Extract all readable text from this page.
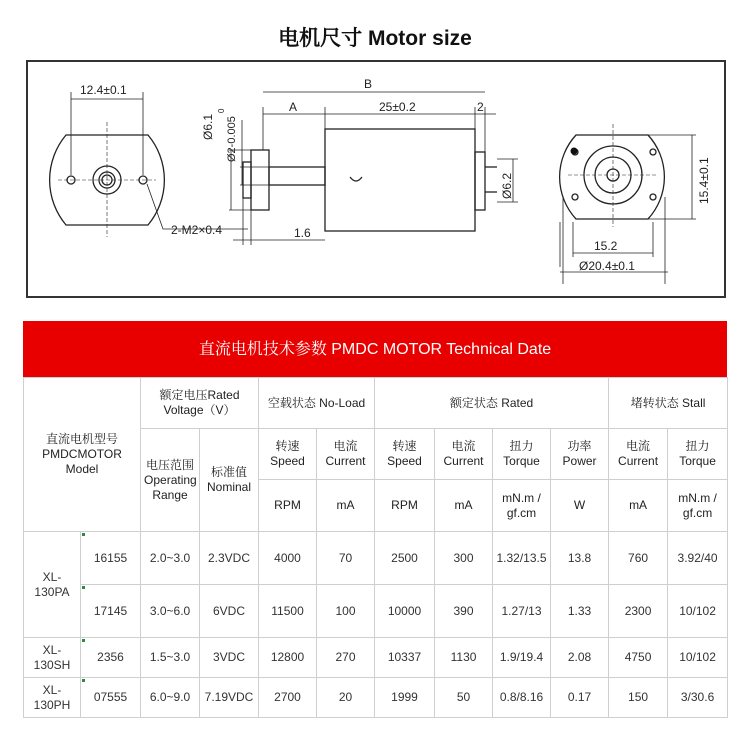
电机尺寸 Motor size
12.4±0.1
2-M2×0.4
B
A	25±0.2	2
1.6
Ø6.1 Ø2-0.005
0
Ø6.2
15.2
Ø20.4±0.1
15.4±0.1
直流电机技术参数 PMDC MOTOR Technical Date
直流电机型号 PMDCMOTOR Model		额定电压Rated Voltage（V）		空载状态 No-Load		额定状态 Rated				堵转状态 Stall	
		电压范围 Operating Range	标准值 Nominal	转速 Speed	电流 Current	转速 Speed	电流 Current	扭力 Torque	功率 Power	电流 Current	扭力 Torque
				RPM	mA	RPM	mA	mN.m / gf.cm	W	mA	mN.m / gf.cm
XL-130PA	16155	2.0~3.0	2.3VDC	4000	70	2500	300	1.32/13.5	13.8	760	3.92/40
	17145	3.0~6.0	6VDC	11500	100	10000	390	1.27/13	1.33	2300	10/102
XL-130SH	2356	1.5~3.0	3VDC	12800	270	10337	1130	1.9/19.4	2.08	4750	10/102
XL-130PH	07555	6.0~9.0	7.19VDC	2700	20	1999	50	0.8/8.16	0.17	150	3/30.6
